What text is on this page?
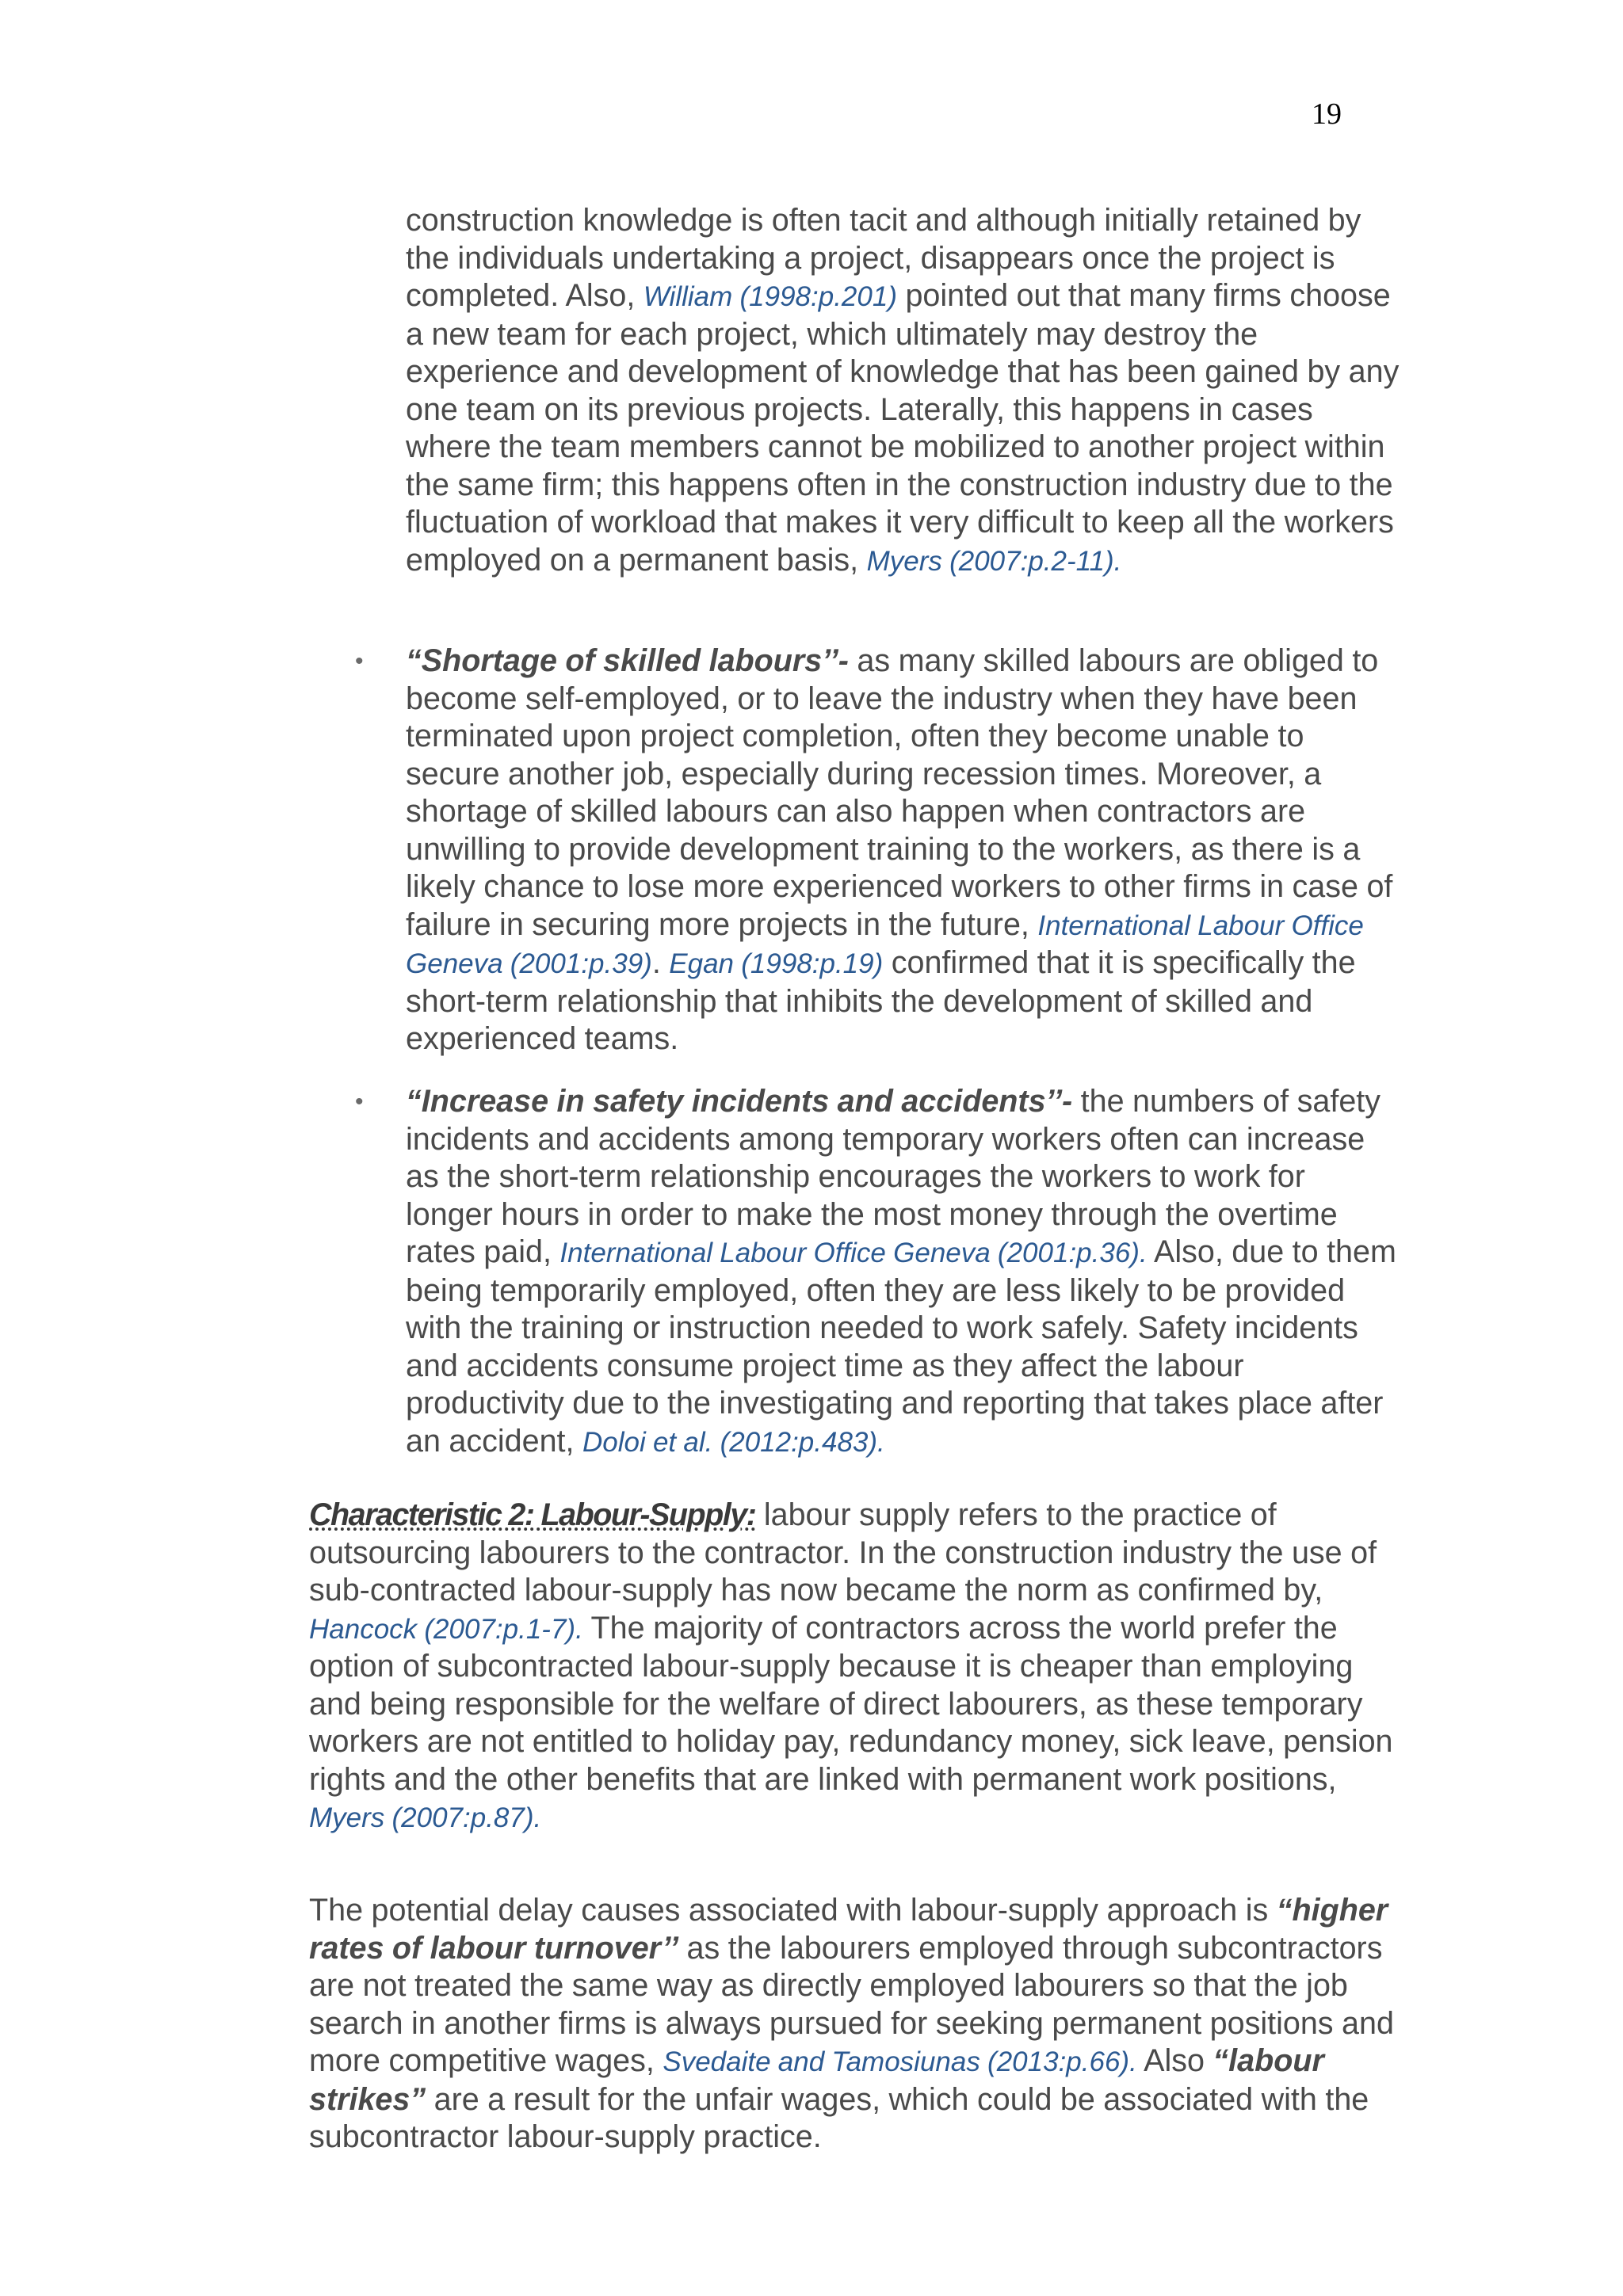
19

construction knowledge is often tacit and although initially retained by the individuals undertaking a project, disappears once the project is completed. Also, William (1998:p.201) pointed out that many firms choose a new team for each project, which ultimately may destroy the experience and development of knowledge that has been gained by any one team on its previous projects. Laterally, this happens in cases where the team members cannot be mobilized to another project within the same firm; this happens often in the construction industry due to the fluctuation of workload that makes it very difficult to keep all the workers employed on a permanent basis, Myers (2007:p.2-11).

• “Shortage of skilled labours’’- as many skilled labours are obliged to become self-employed, or to leave the industry when they have been terminated upon project completion, often they become unable to secure another job, especially during recession times. Moreover, a shortage of skilled labours can also happen when contractors are unwilling to provide development training to the workers, as there is a likely chance to lose more experienced workers to other firms in case of failure in securing more projects in the future, International Labour Office Geneva (2001:p.39). Egan (1998:p.19) confirmed that it is specifically the short-term relationship that inhibits the development of skilled and experienced teams.

• “Increase in safety incidents and accidents’’- the numbers of safety incidents and accidents among temporary workers often can increase as the short-term relationship encourages the workers to work for longer hours in order to make the most money through the overtime rates paid, International Labour Office Geneva (2001:p.36). Also, due to them being temporarily employed, often they are less likely to be provided with the training or instruction needed to work safely. Safety incidents and accidents consume project time as they affect the labour productivity due to the investigating and reporting that takes place after an accident, Doloi et al. (2012:p.483).

Characteristic 2: Labour-Supply: labour supply refers to the practice of outsourcing labourers to the contractor. In the construction industry the use of sub-contracted labour-supply has now became the norm as confirmed by, Hancock (2007:p.1-7). The majority of contractors across the world prefer the option of subcontracted labour-supply because it is cheaper than employing and being responsible for the welfare of direct labourers, as these temporary workers are not entitled to holiday pay, redundancy money, sick leave, pension rights and the other benefits that are linked with permanent work positions, Myers (2007:p.87).

The potential delay causes associated with labour-supply approach is “higher rates of labour turnover’’ as the labourers employed through subcontractors are not treated the same way as directly employed labourers so that the job search in another firms is always pursued for seeking permanent positions and more competitive wages, Svedaite and Tamosiunas (2013:p.66). Also “labour strikes” are a result for the unfair wages, which could be associated with the subcontractor labour-supply practice.
